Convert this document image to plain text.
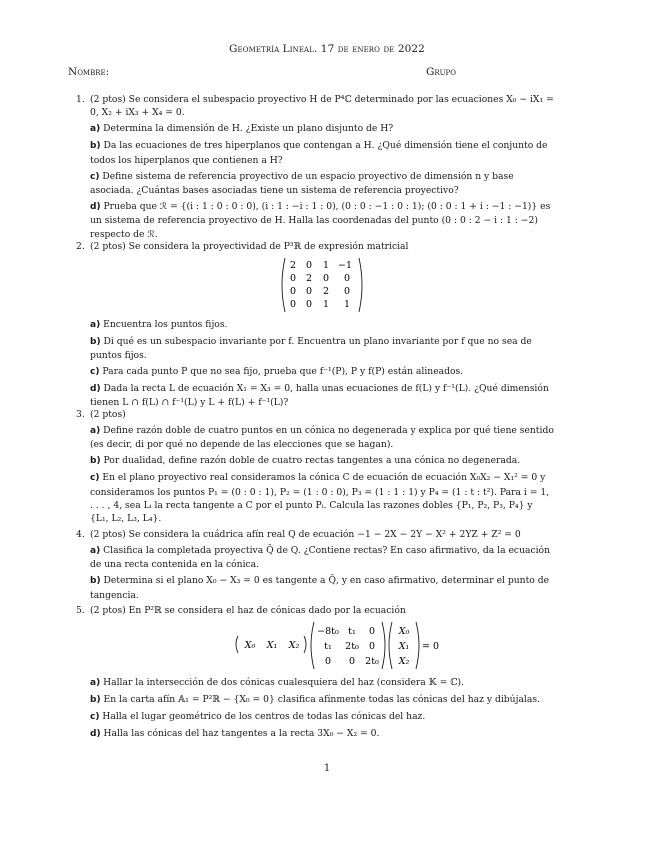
Geometría Lineal. 17 de enero de 2022
Nombre:	Grupo
1. (2 ptos) Se considera el subespacio proyectivo H de P⁴ℂ determinado por las ecuaciones X₀ − iX₁ = 0, X₂ + iX₃ + X₄ = 0.

a) Determina la dimensión de H. ¿Existe un plano disjunto de H?

b) Da las ecuaciones de tres hiperplanos que contengan a H. ¿Qué dimensión tiene el conjunto de todos los hiperplanos que contienen a H?

c) Define sistema de referencia proyectivo de un espacio proyectivo de dimensión n y base asociada. ¿Cuántas bases asociadas tiene un sistema de referencia proyectivo?

d) Prueba que ℛ = {(i : 1 : 0 : 0 : 0), (i : 1 : −i : 1 : 0), (0 : 0 : −1 : 0 : 1); (0 : 0 : 1 + i : −1 : −1)} es un sistema de referencia proyectivo de H. Halla las coordenadas del punto (0 : 0 : 2 − i : 1 : −2) respecto de ℛ.

2. (2 ptos) Se considera la proyectividad de P³ℝ de expresión matricial

2 0 1 −1
0 2 0 0
0 0 2 0
0 0 1 1

a) Encuentra los puntos fijos.

b) Di qué es un subespacio invariante por f. Encuentra un plano invariante por f que no sea de puntos fijos.

c) Para cada punto P que no sea fijo, prueba que f⁻¹(P), P y f(P) están alineados.

d) Dada la recta L de ecuación X₁ = X₃ = 0, halla unas ecuaciones de f(L) y f⁻¹(L). ¿Qué dimensión tienen L ∩ f(L) ∩ f⁻¹(L) y L + f(L) + f⁻¹(L)?

3. (2 ptos)

a) Define razón doble de cuatro puntos en un cónica no degenerada y explica por qué tiene sentido (es decir, di por qué no depende de las elecciones que se hagan).

b) Por dualidad, define razón doble de cuatro rectas tangentes a una cónica no degenerada.

c) En el plano proyectivo real consideramos la cónica C de ecuación de ecuación X₀X₂ − X₁² = 0 y consideramos los puntos P₁ = (0 : 0 : 1), P₂ = (1 : 0 : 0), P₃ = (1 : 1 : 1) y P₄ = (1 : t : t²). Para i = 1, . . . , 4, sea Lᵢ la recta tangente a C por el punto Pᵢ. Calcula las razones dobles {P₁, P₂, P₃, P₄} y {L₁, L₂, L₃, L₄}.

4. (2 ptos) Se considera la cuádrica afín real Q de ecuación −1 − 2X − 2Y − X² + 2YZ + Z² = 0

a) Clasifica la completada proyectiva Q̄ de Q. ¿Contiene rectas? En caso afirmativo, da la ecuación de una recta contenida en la cónica.

b) Determina si el plano X₀ − X₃ = 0 es tangente a Q̄, y en caso afirmativo, determinar el punto de tangencia.

5. (2 ptos) En P²ℝ se considera el haz de cónicas dado por la ecuación

X₀ X₁ X₂
−8t₀ t₁ 0
t₁ 2t₀ 0
0 0 2t₀
X₀
X₁
X₂
= 0

a) Hallar la intersección de dos cónicas cualesquiera del haz (considera 𝕂 = ℂ).

b) En la carta afín 𝔸₁ = P²ℝ − {X₀ = 0} clasifica afínmente todas las cónicas del haz y dibújalas.

c) Halla el lugar geométrico de los centros de todas las cónicas del haz.

d) Halla las cónicas del haz tangentes a la recta 3X₀ − X₂ = 0.

1
